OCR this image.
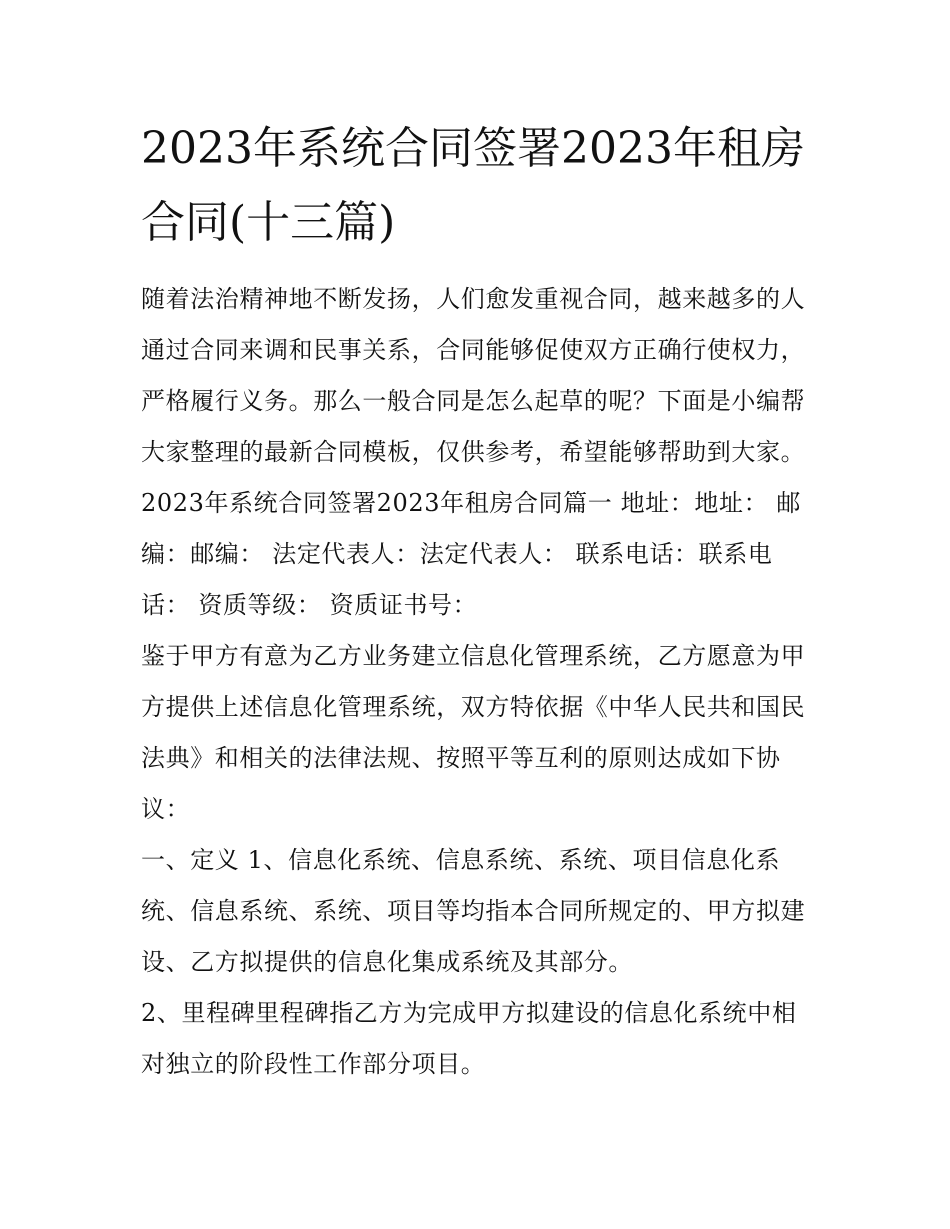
2023年系统合同签署2023年租房合同(十三篇)

随着法治精神地不断发扬，人们愈发重视合同，越来越多的人通过合同来调和民事关系，合同能够促使双方正确行使权力，严格履行义务。那么一般合同是怎么起草的呢？下面是小编帮大家整理的最新合同模板，仅供参考，希望能够帮助到大家。2023年系统合同签署2023年租房合同篇一 地址：地址： 邮编：邮编： 法定代表人：法定代表人： 联系电话：联系电话： 资质等级： 资质证书号：

鉴于甲方有意为乙方业务建立信息化管理系统，乙方愿意为甲方提供上述信息化管理系统，双方特依据《中华人民共和国民法典》和相关的法律法规、按照平等互利的原则达成如下协议：

一、定义 1、信息化系统、信息系统、系统、项目信息化系统、信息系统、系统、项目等均指本合同所规定的、甲方拟建设、乙方拟提供的信息化集成系统及其部分。

2、里程碑里程碑指乙方为完成甲方拟建设的信息化系统中相对独立的阶段性工作部分项目。
